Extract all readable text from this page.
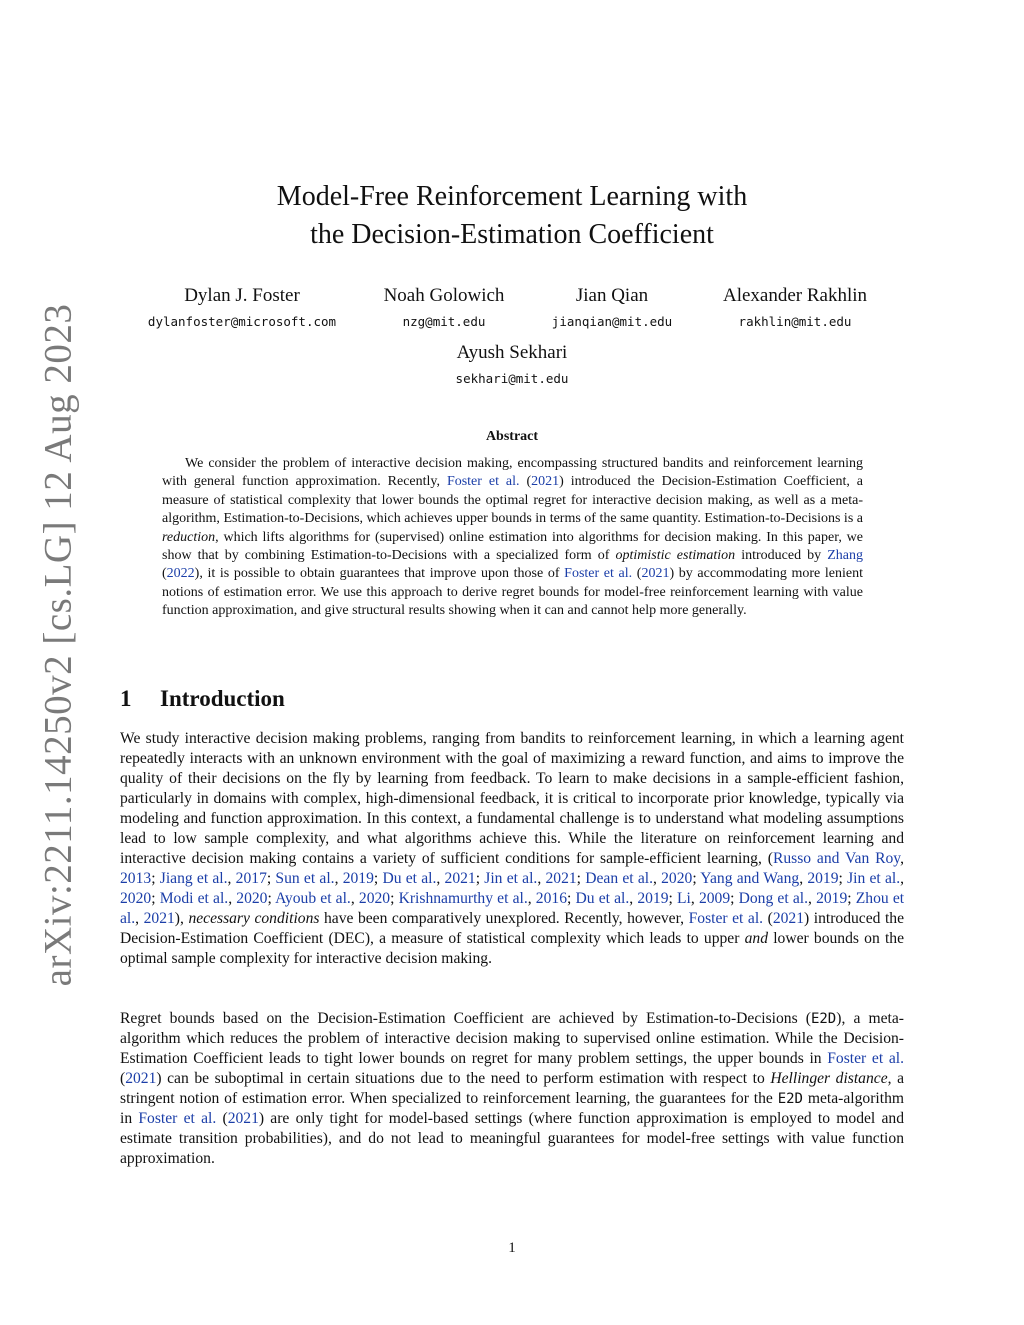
arXiv:2211.14250v2 [cs.LG] 12 Aug 2023
Model-Free Reinforcement Learning with
the Decision-Estimation Coefficient
Dylan J. Foster
dylanfoster@microsoft.com
Noah Golowich
nzg@mit.edu
Jian Qian
jianqian@mit.edu
Alexander Rakhlin
rakhlin@mit.edu
Ayush Sekhari
sekhari@mit.edu
Abstract
We consider the problem of interactive decision making, encompassing structured bandits and reinforcement learning with general function approximation. Recently, Foster et al. (2021) introduced the Decision-Estimation Coefficient, a measure of statistical complexity that lower bounds the optimal regret for interactive decision making, as well as a meta-algorithm, Estimation-to-Decisions, which achieves upper bounds in terms of the same quantity. Estimation-to-Decisions is a reduction, which lifts algorithms for (supervised) online estimation into algorithms for decision making. In this paper, we show that by combining Estimation-to-Decisions with a specialized form of optimistic estimation introduced by Zhang (2022), it is possible to obtain guarantees that improve upon those of Foster et al. (2021) by accommodating more lenient notions of estimation error. We use this approach to derive regret bounds for model-free reinforcement learning with value function approximation, and give structural results showing when it can and cannot help more generally.
1 Introduction

We study interactive decision making problems, ranging from bandits to reinforcement learning, in which a learning agent repeatedly interacts with an unknown environment with the goal of maximizing a reward function, and aims to improve the quality of their decisions on the fly by learning from feedback. To learn to make decisions in a sample-efficient fashion, particularly in domains with complex, high-dimensional feedback, it is critical to incorporate prior knowledge, typically via modeling and function approximation. In this context, a fundamental challenge is to understand what modeling assumptions lead to low sample complexity, and what algorithms achieve this. While the literature on reinforcement learning and interactive decision making contains a variety of sufficient conditions for sample-efficient learning, (Russo and Van Roy, 2013; Jiang et al., 2017; Sun et al., 2019; Du et al., 2021; Jin et al., 2021; Dean et al., 2020; Yang and Wang, 2019; Jin et al., 2020; Modi et al., 2020; Ayoub et al., 2020; Krishnamurthy et al., 2016; Du et al., 2019; Li, 2009; Dong et al., 2019; Zhou et al., 2021), necessary conditions have been comparatively unexplored. Recently, however, Foster et al. (2021) introduced the Decision-Estimation Coefficient (DEC), a measure of statistical complexity which leads to upper and lower bounds on the optimal sample complexity for interactive decision making.

Regret bounds based on the Decision-Estimation Coefficient are achieved by Estimation-to-Decisions (E2D), a meta-algorithm which reduces the problem of interactive decision making to supervised online estimation. While the Decision-Estimation Coefficient leads to tight lower bounds on regret for many problem settings, the upper bounds in Foster et al. (2021) can be suboptimal in certain situations due to the need to perform estimation with respect to Hellinger distance, a stringent notion of estimation error. When specialized to reinforcement learning, the guarantees for the E2D meta-algorithm in Foster et al. (2021) are only tight for model-based settings (where function approximation is employed to model and estimate transition probabilities), and do not lead to meaningful guarantees for model-free settings with value function approximation.

1
